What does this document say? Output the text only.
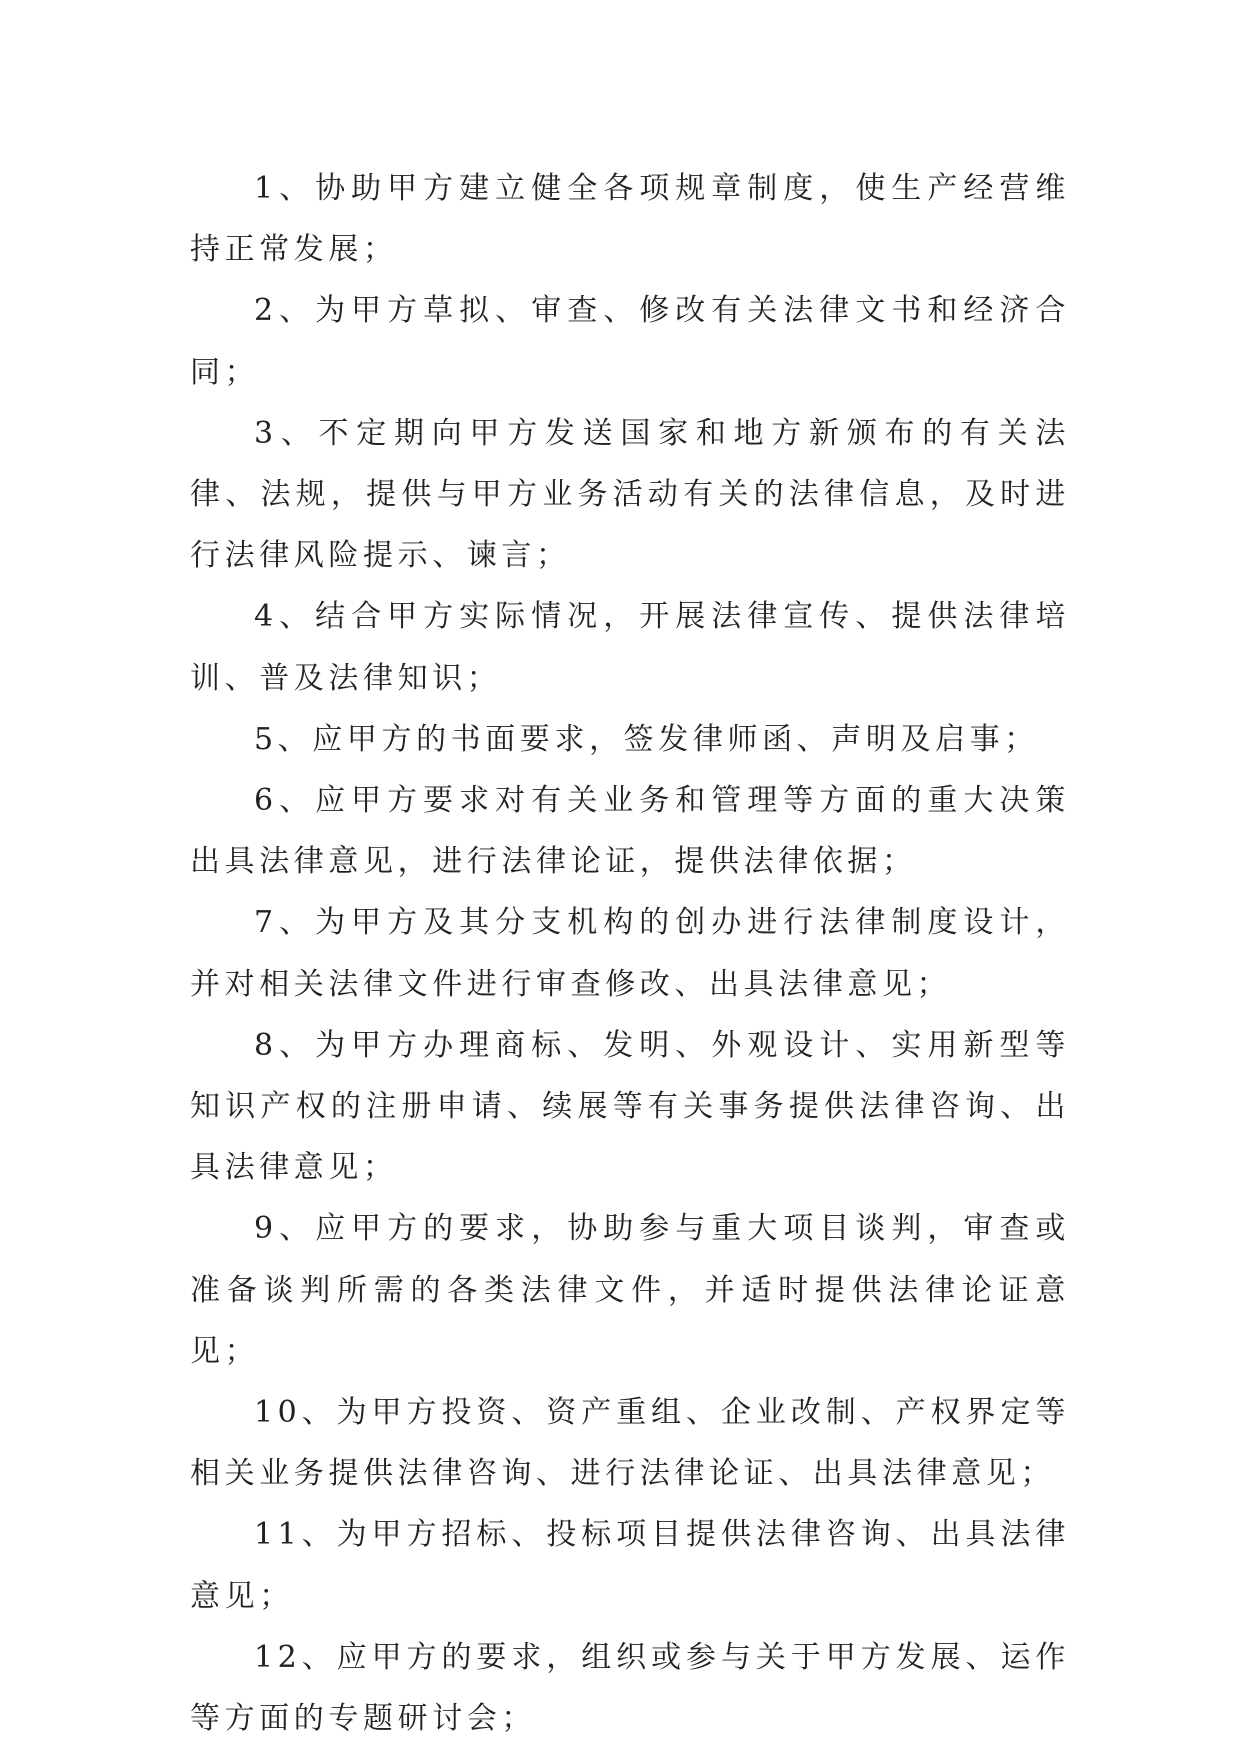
1、协助甲方建立健全各项规章制度，使生产经营维持正常发展；

2、为甲方草拟、审查、修改有关法律文书和经济合同；

3、不定期向甲方发送国家和地方新颁布的有关法律、法规，提供与甲方业务活动有关的法律信息，及时进行法律风险提示、谏言；

4、结合甲方实际情况，开展法律宣传、提供法律培训、普及法律知识；

5、应甲方的书面要求，签发律师函、声明及启事；

6、应甲方要求对有关业务和管理等方面的重大决策出具法律意见，进行法律论证，提供法律依据；

7、为甲方及其分支机构的创办进行法律制度设计，并对相关法律文件进行审查修改、出具法律意见；

8、为甲方办理商标、发明、外观设计、实用新型等知识产权的注册申请、续展等有关事务提供法律咨询、出具法律意见；

9、应甲方的要求，协助参与重大项目谈判，审查或准备谈判所需的各类法律文件，并适时提供法律论证意见；

10、为甲方投资、资产重组、企业改制、产权界定等相关业务提供法律咨询、进行法律论证、出具法律意见；

11、为甲方招标、投标项目提供法律咨询、出具法律意见；

12、应甲方的要求，组织或参与关于甲方发展、运作等方面的专题研讨会；
